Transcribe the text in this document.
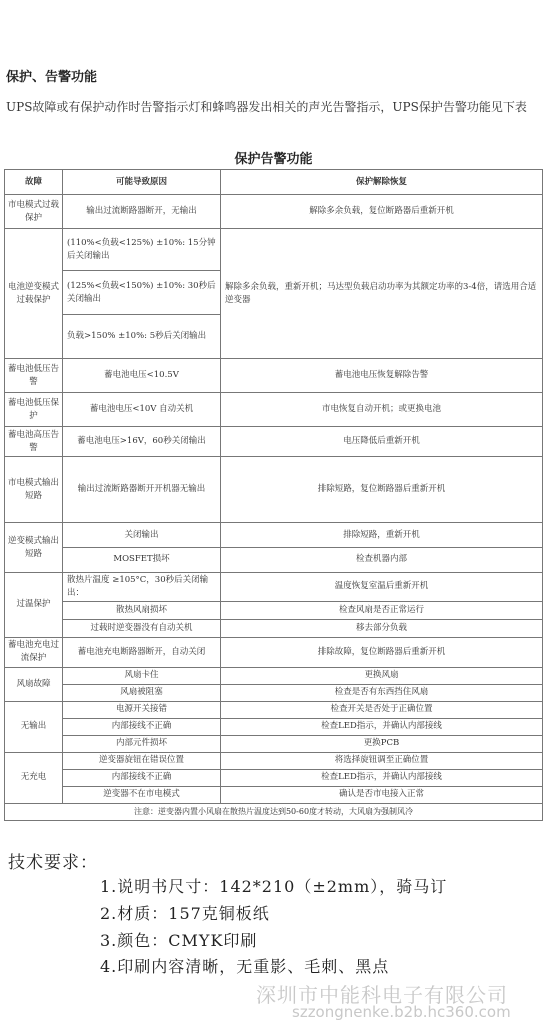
保护、告警功能
UPS故障或有保护动作时告警指示灯和蜂鸣器发出相关的声光告警指示，UPS保护告警功能见下表
保护告警功能
故障	可能导致原因	保护解除恢复
市电模式过载保护	输出过流断路器断开，无输出	解除多余负载，复位断路器后重新开机
电池逆变模式过载保护	(110%<负载<125%) ±10%: 15分钟后关闭输出	解除多余负载，重新开机；马达型负载启动功率为其额定功率的3-4倍，请选用合适逆变器
	(125%<负载<150%) ±10%: 30秒后关闭输出	
	负载>150% ±10%: 5秒后关闭输出	
蓄电池低压告警	蓄电池电压<10.5V	蓄电池电压恢复解除告警
蓄电池低压保护	蓄电池电压<10V 自动关机	市电恢复自动开机；或更换电池
蓄电池高压告警	蓄电池电压>16V，60秒关闭输出	电压降低后重新开机
市电模式输出短路	输出过流断路器断开开机器无输出	排除短路，复位断路器后重新开机
逆变模式输出短路	关闭输出	排除短路，重新开机
	MOSFET损坏	检查机器内部
过温保护	散热片温度 ≥105°C，30秒后关闭输出：	温度恢复室温后重新开机
	散热风扇损坏	检查风扇是否正常运行
	过载时逆变器没有自动关机	移去部分负载
蓄电池充电过流保护	蓄电池充电断路器断开，自动关闭	排除故障，复位断路器后重新开机
风扇故障	风扇卡住	更换风扇
	风扇被阻塞	检查是否有东西挡住风扇
无输出	电源开关接错	检查开关是否处于正确位置
	内部接线不正确	检查LED指示，并确认内部接线
	内部元件损坏	更换PCB
无充电	逆变器旋钮在错误位置	将选择旋钮调至正确位置
	内部接线不正确	检查LED指示，并确认内部接线
	逆变器不在市电模式	确认是否市电接入正常
注意：逆变器内置小风扇在散热片温度达到50-60度才转动，大风扇为强制风冷		
技术要求：
1.说明书尺寸：142*210（±2mm），骑马订
2.材质：157克铜板纸
3.颜色：CMYK印刷
4.印刷内容清晰，无重影、毛刺、黑点
深圳市中能科电子有限公司
szzongnenke.b2b.hc360.com
